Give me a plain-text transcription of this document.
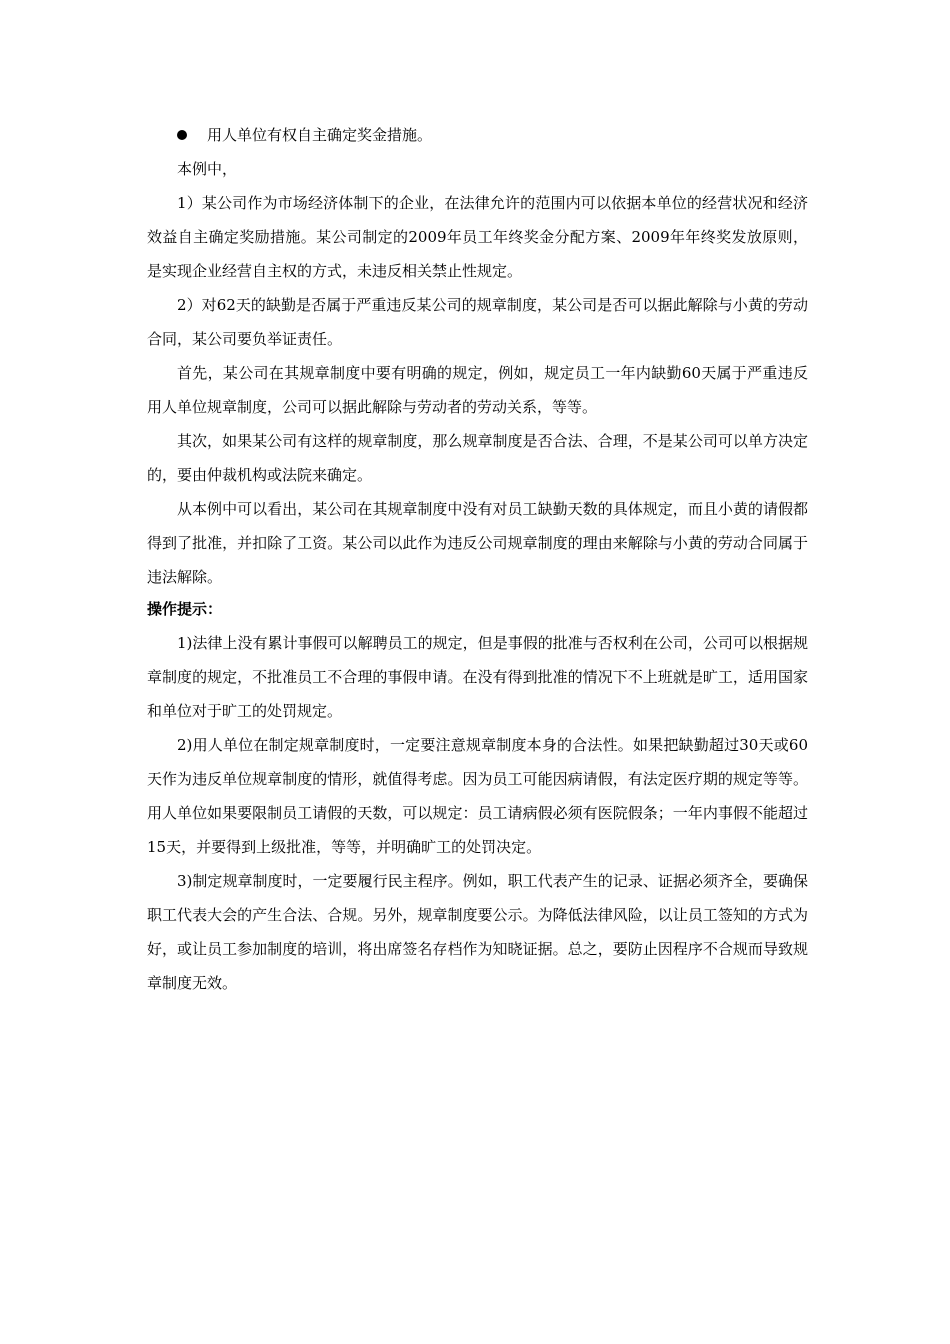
用人单位有权自主确定奖金措施。

本例中，

1）某公司作为市场经济体制下的企业，在法律允许的范围内可以依据本单位的经营状况和经济效益自主确定奖励措施。某公司制定的2009年员工年终奖金分配方案、2009年年终奖发放原则，是实现企业经营自主权的方式，未违反相关禁止性规定。

2）对62天的缺勤是否属于严重违反某公司的规章制度，某公司是否可以据此解除与小黄的劳动合同，某公司要负举证责任。

首先，某公司在其规章制度中要有明确的规定，例如，规定员工一年内缺勤60天属于严重违反用人单位规章制度，公司可以据此解除与劳动者的劳动关系，等等。

其次，如果某公司有这样的规章制度，那么规章制度是否合法、合理，不是某公司可以单方决定的，要由仲裁机构或法院来确定。

从本例中可以看出，某公司在其规章制度中没有对员工缺勤天数的具体规定，而且小黄的请假都得到了批准，并扣除了工资。某公司以此作为违反公司规章制度的理由来解除与小黄的劳动合同属于违法解除。

操作提示：

1)法律上没有累计事假可以解聘员工的规定，但是事假的批准与否权利在公司，公司可以根据规章制度的规定，不批准员工不合理的事假申请。在没有得到批准的情况下不上班就是旷工，适用国家和单位对于旷工的处罚规定。

2)用人单位在制定规章制度时，一定要注意规章制度本身的合法性。如果把缺勤超过30天或60天作为违反单位规章制度的情形，就值得考虑。因为员工可能因病请假，有法定医疗期的规定等等。用人单位如果要限制员工请假的天数，可以规定：员工请病假必须有医院假条；一年内事假不能超过15天，并要得到上级批准，等等，并明确旷工的处罚决定。

3)制定规章制度时，一定要履行民主程序。例如，职工代表产生的记录、证据必须齐全，要确保职工代表大会的产生合法、合规。另外，规章制度要公示。为降低法律风险，以让员工签知的方式为好，或让员工参加制度的培训，将出席签名存档作为知晓证据。总之，要防止因程序不合规而导致规章制度无效。
